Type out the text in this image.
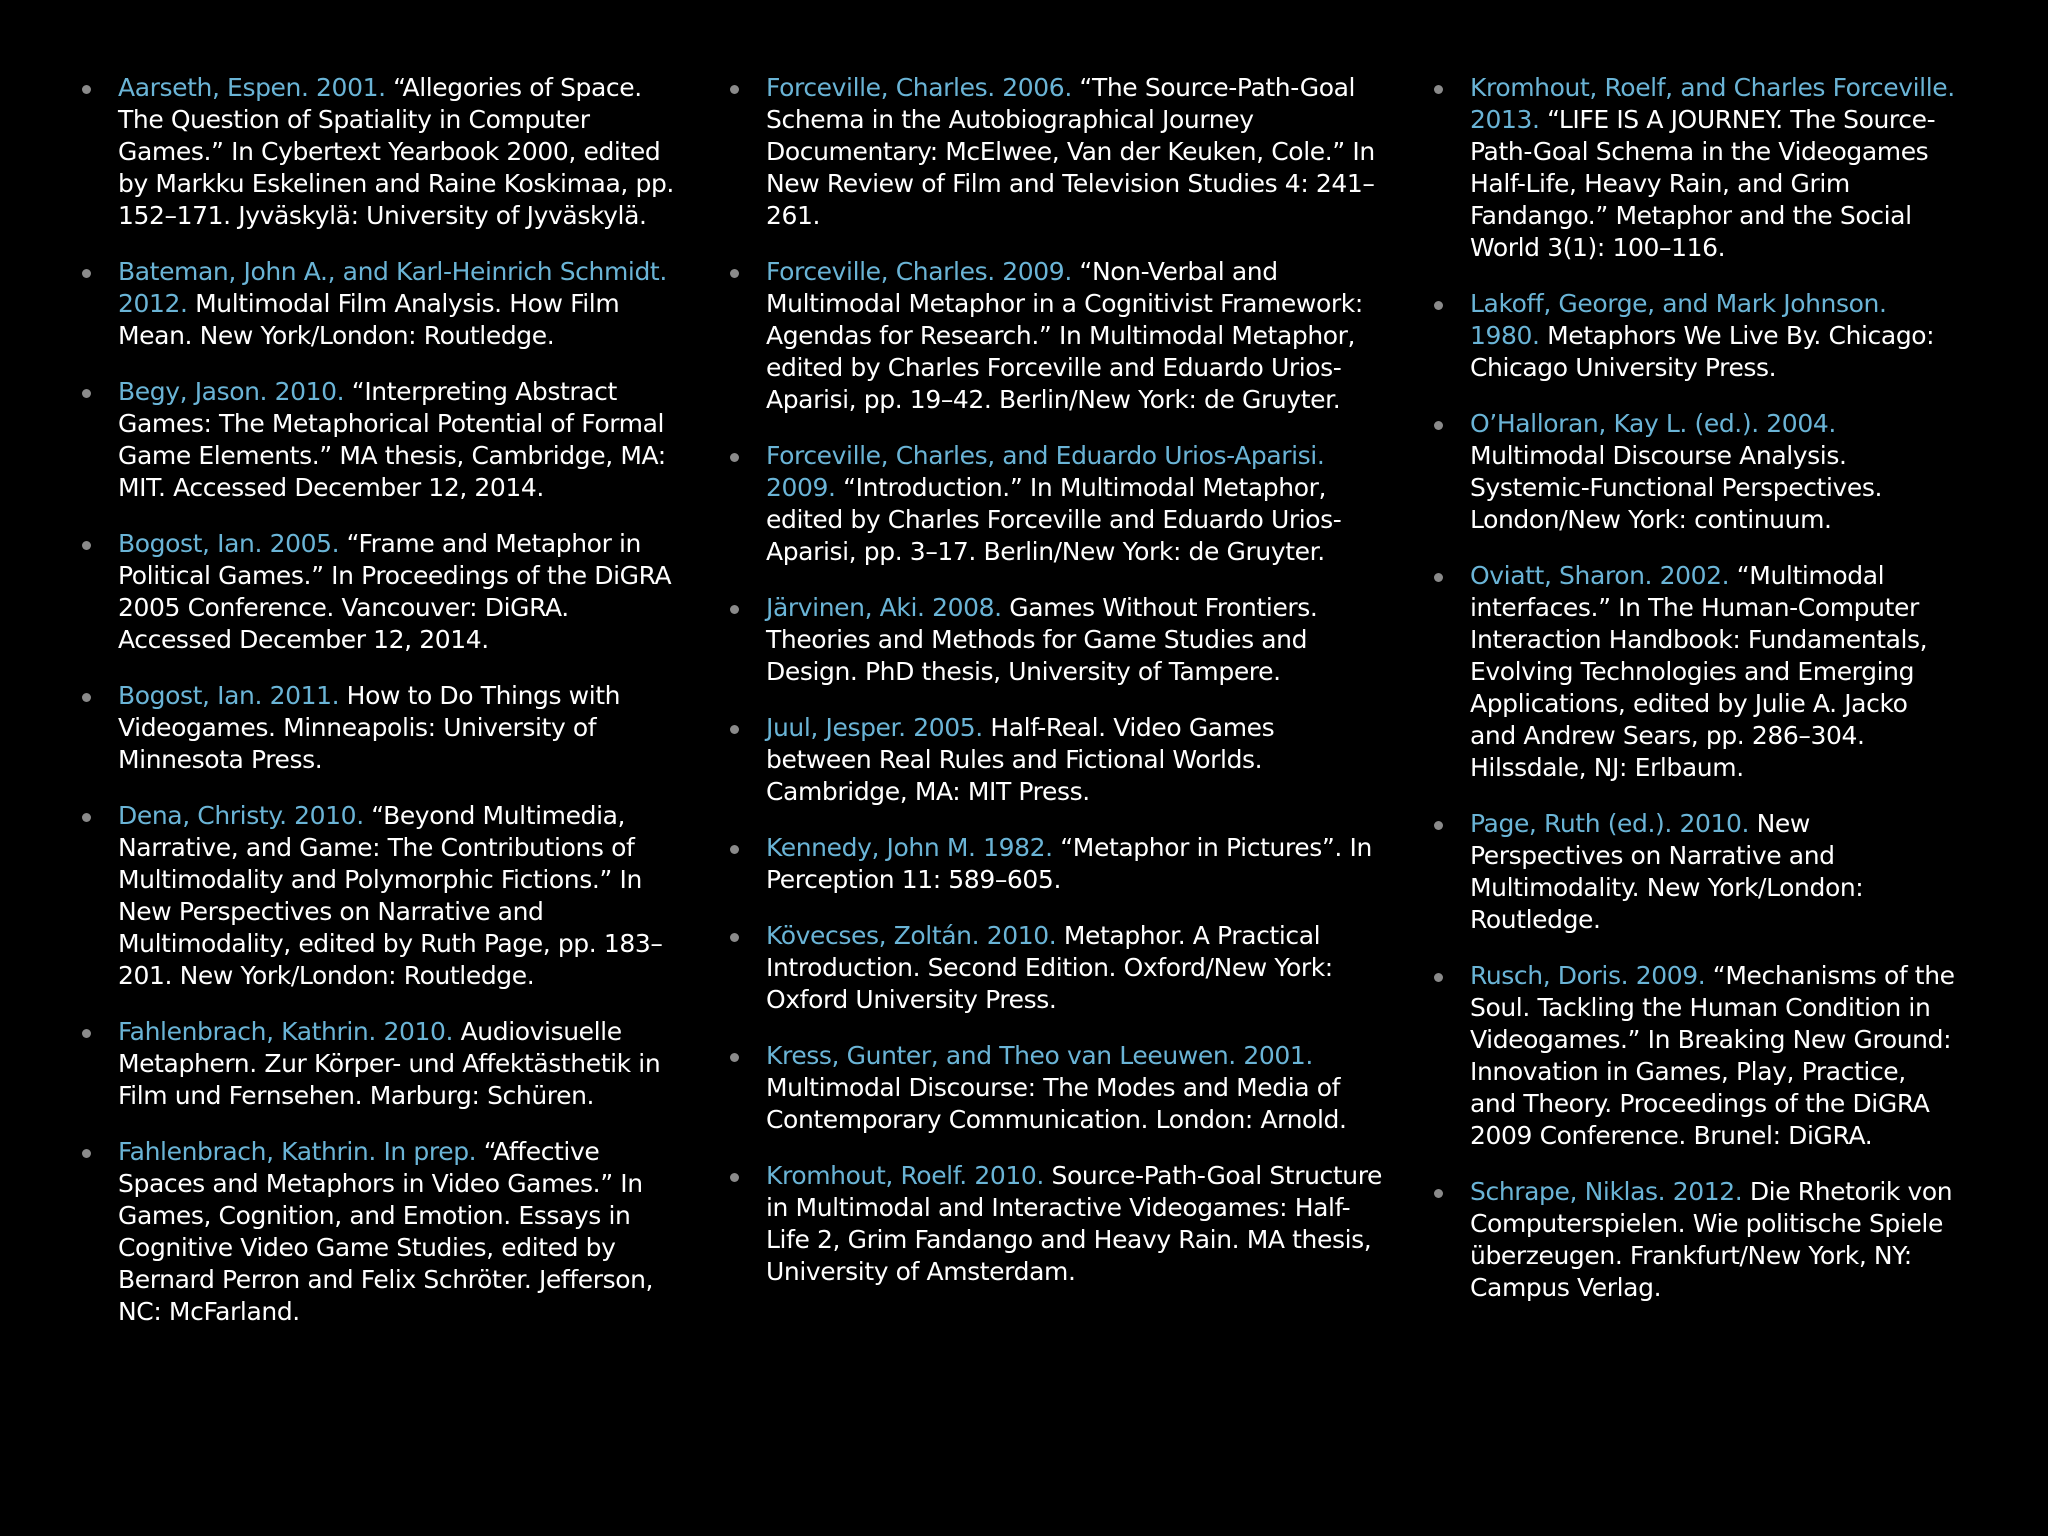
Aarseth, Espen. 2001. “Allegories of Space. The Question of Spatiality in Computer Games.” In Cybertext Yearbook 2000, edited by Markku Eskelinen and Raine Koskimaa, pp. 152–171. Jyväskylä: University of Jyväskylä.
Bateman, John A., and Karl-Heinrich Schmidt. 2012. Multimodal Film Analysis. How Film Mean. New York/London: Routledge.
Begy, Jason. 2010. “Interpreting Abstract Games: The Metaphorical Potential of Formal Game Elements.” MA thesis, Cambridge, MA: MIT. Accessed December 12, 2014.
Bogost, Ian. 2005. “Frame and Metaphor in Political Games.” In Proceedings of the DiGRA 2005 Conference. Vancouver: DiGRA. Accessed December 12, 2014.
Bogost, Ian. 2011. How to Do Things with Videogames. Minneapolis: University of Minnesota Press.
Dena, Christy. 2010. “Beyond Multimedia, Narrative, and Game: The Contributions of Multimodality and Polymorphic Fictions.” In New Perspectives on Narrative and Multimodality, edited by Ruth Page, pp. 183–201. New York/London: Routledge.
Fahlenbrach, Kathrin. 2010. Audiovisuelle Metaphern. Zur Körper- und Affektästhetik in Film und Fernsehen. Marburg: Schüren.
Fahlenbrach, Kathrin. In prep. “Affective Spaces and Metaphors in Video Games.” In Games, Cognition, and Emotion. Essays in Cognitive Video Game Studies, edited by Bernard Perron and Felix Schröter. Jefferson, NC: McFarland.
Forceville, Charles. 2006. “The Source-Path-Goal Schema in the Autobiographical Journey Documentary: McElwee, Van der Keuken, Cole.” In New Review of Film and Television Studies 4: 241–261.
Forceville, Charles. 2009. “Non-Verbal and Multimodal Metaphor in a Cognitivist Framework: Agendas for Research.” In Multimodal Metaphor, edited by Charles Forceville and Eduardo Urios-Aparisi, pp. 19–42. Berlin/New York: de Gruyter.
Forceville, Charles, and Eduardo Urios-Aparisi. 2009. “Introduction.” In Multimodal Metaphor, edited by Charles Forceville and Eduardo Urios-Aparisi, pp. 3–17. Berlin/New York: de Gruyter.
Järvinen, Aki. 2008. Games Without Frontiers. Theories and Methods for Game Studies and Design. PhD thesis, University of Tampere.
Juul, Jesper. 2005. Half-Real. Video Games between Real Rules and Fictional Worlds. Cambridge, MA: MIT Press.
Kennedy, John M. 1982. “Metaphor in Pictures”. In Perception 11: 589–605.
Kövecses, Zoltán. 2010. Metaphor. A Practical Introduction. Second Edition. Oxford/New York: Oxford University Press.
Kress, Gunter, and Theo van Leeuwen. 2001. Multimodal Discourse: The Modes and Media of Contemporary Communication. London: Arnold.
Kromhout, Roelf. 2010. Source-Path-Goal Structure in Multimodal and Interactive Videogames: Half-Life 2, Grim Fandango and Heavy Rain. MA thesis, University of Amsterdam.
Kromhout, Roelf, and Charles Forceville. 2013. “LIFE IS A JOURNEY. The Source-Path-Goal Schema in the Videogames Half-Life, Heavy Rain, and Grim Fandango.” Metaphor and the Social World 3(1): 100–116.
Lakoff, George, and Mark Johnson. 1980. Metaphors We Live By. Chicago: Chicago University Press.
O’Halloran, Kay L. (ed.). 2004. Multimodal Discourse Analysis. Systemic-Functional Perspectives. London/New York: continuum.
Oviatt, Sharon. 2002. “Multimodal interfaces.” In The Human-Computer Interaction Handbook: Fundamentals, Evolving Technologies and Emerging Applications, edited by Julie A. Jacko and Andrew Sears, pp. 286–304. Hilssdale, NJ: Erlbaum.
Page, Ruth (ed.). 2010. New Perspectives on Narrative and Multimodality. New York/London: Routledge.
Rusch, Doris. 2009. “Mechanisms of the Soul. Tackling the Human Condition in Videogames.” In Breaking New Ground: Innovation in Games, Play, Practice, and Theory. Proceedings of the DiGRA 2009 Conference. Brunel: DiGRA.
Schrape, Niklas. 2012. Die Rhetorik von Computerspielen. Wie politische Spiele überzeugen. Frankfurt/New York, NY: Campus Verlag.
